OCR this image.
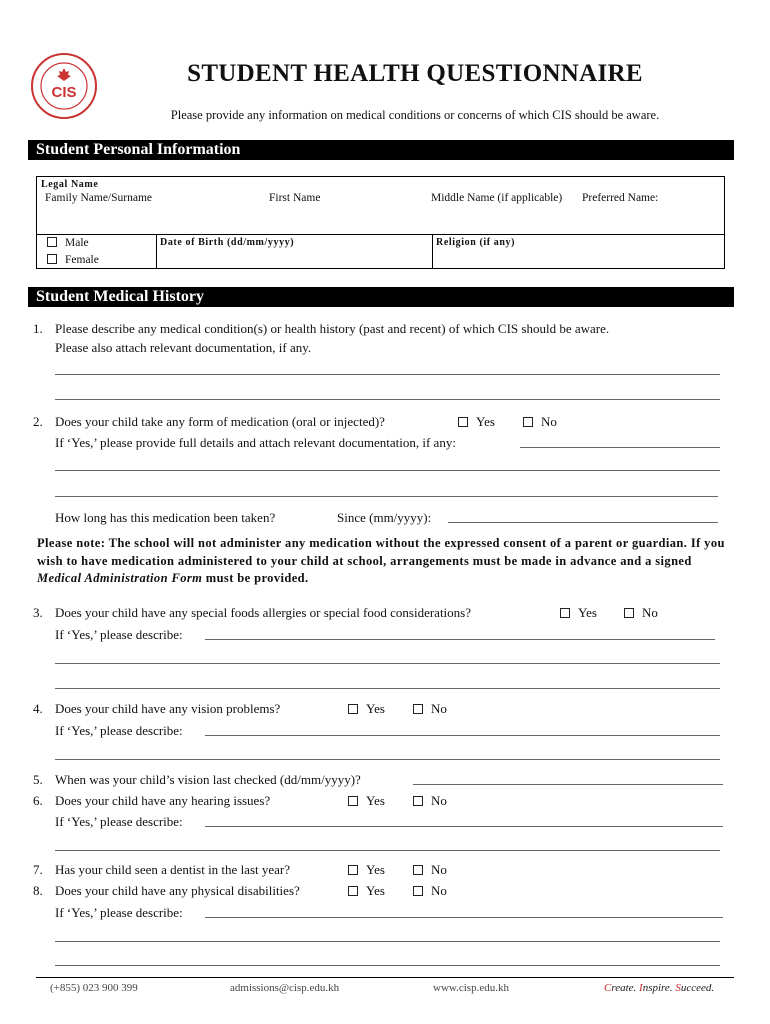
CIS
STUDENT HEALTH QUESTIONNAIRE
Please provide any information on medical conditions or concerns of which CIS should be aware.
Student Personal Information
Legal Name
Family Name/Surname	First Name	Middle Name (if applicable) Preferred Name:
Male
Female
Date of Birth (dd/mm/yyyy)	Religion (if any)
Student Medical History
1. Please describe any medical condition(s) or health history (past and recent) of which CIS should be aware.
Please also attach relevant documentation, if any.
2. Does your child take any form of medication (oral or injected)?	Yes	No
If ‘Yes,’ please provide full details and attach relevant documentation, if any:
How long has this medication been taken?	Since (mm/yyyy):
Please note: The school will not administer any medication without the expressed consent of a parent or guardian. If you wish to have medication administered to your child at school, arrangements must be made in advance and a signed Medical Administration Form must be provided.
3. Does your child have any special foods allergies or special food considerations?	Yes	No
If ‘Yes,’ please describe:
4. Does your child have any vision problems?	Yes	No
If ‘Yes,’ please describe:
5. When was your child’s vision last checked (dd/mm/yyyy)?
6. Does your child have any hearing issues?	Yes	No
If ‘Yes,’ please describe:
7. Has your child seen a dentist in the last year?	Yes	No
8. Does your child have any physical disabilities?	Yes	No
If ‘Yes,’ please describe:
(+855) 023 900 399	admissions@cisp.edu.kh	www.cisp.edu.kh	Create. Inspire. Succeed.
